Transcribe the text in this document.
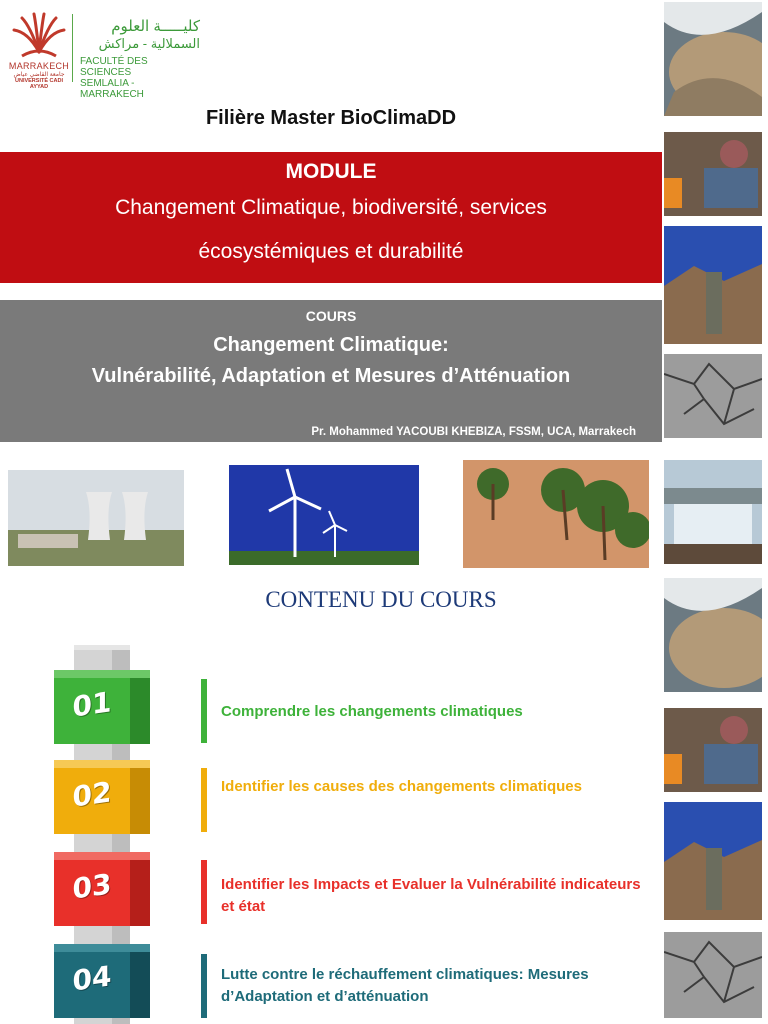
MARRAKECH
جامعة القاضي عياض
UNIVERSITÉ CADI AYYAD
كليـــــة العلوم
السملالية - مراكش
FACULTÉ DES SCIENCES
SEMLALIA - MARRAKECH
Filière Master BioClimaDD
MODULE
Changement Climatique, biodiversité, services
écosystémiques et durabilité
COURS
Changement Climatique:
Vulnérabilité, Adaptation et Mesures d’Atténuation
Pr. Mohammed YACOUBI KHEBIZA, FSSM, UCA, Marrakech
CONTENU DU COURS
01	Comprendre les changements climatiques
02	Identifier les causes des changements climatiques
03	Identifier les Impacts et Evaluer la Vulnérabilité indicateurs et état
04	Lutte contre le réchauffement climatiques: Mesures d’Adaptation et d’atténuation
